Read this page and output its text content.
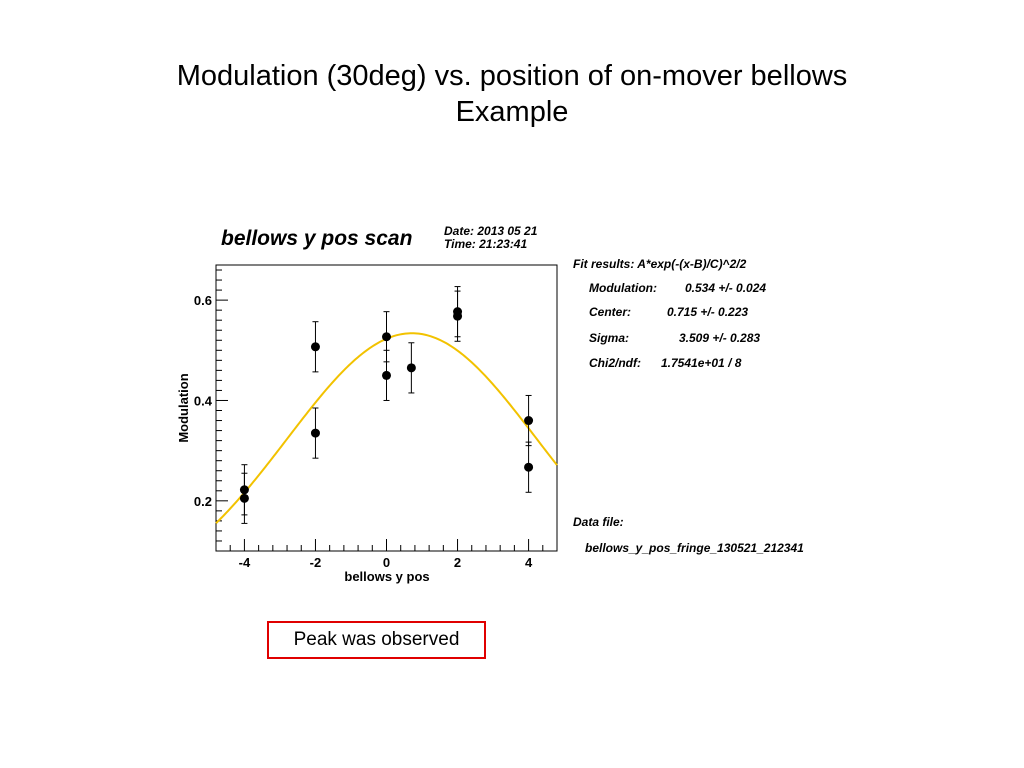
Modulation (30deg) vs. position of on-mover bellows
Example
bellows y pos scan	Date: 2013 05 21
Time: 21:23:41
0.2
0.4
0.6
-4	-2	0	2	4
Modulation
bellows y pos
Fit results: A*exp(-(x-B)/C)^2/2
Modulation: 0.534 +/- 0.024
Center:	0.715 +/- 0.223
Sigma:	3.509 +/- 0.283
Chi2/ndf: 1.7541e+01 / 8
Data file:
bellows_y_pos_fringe_130521_212341
Peak was observed
